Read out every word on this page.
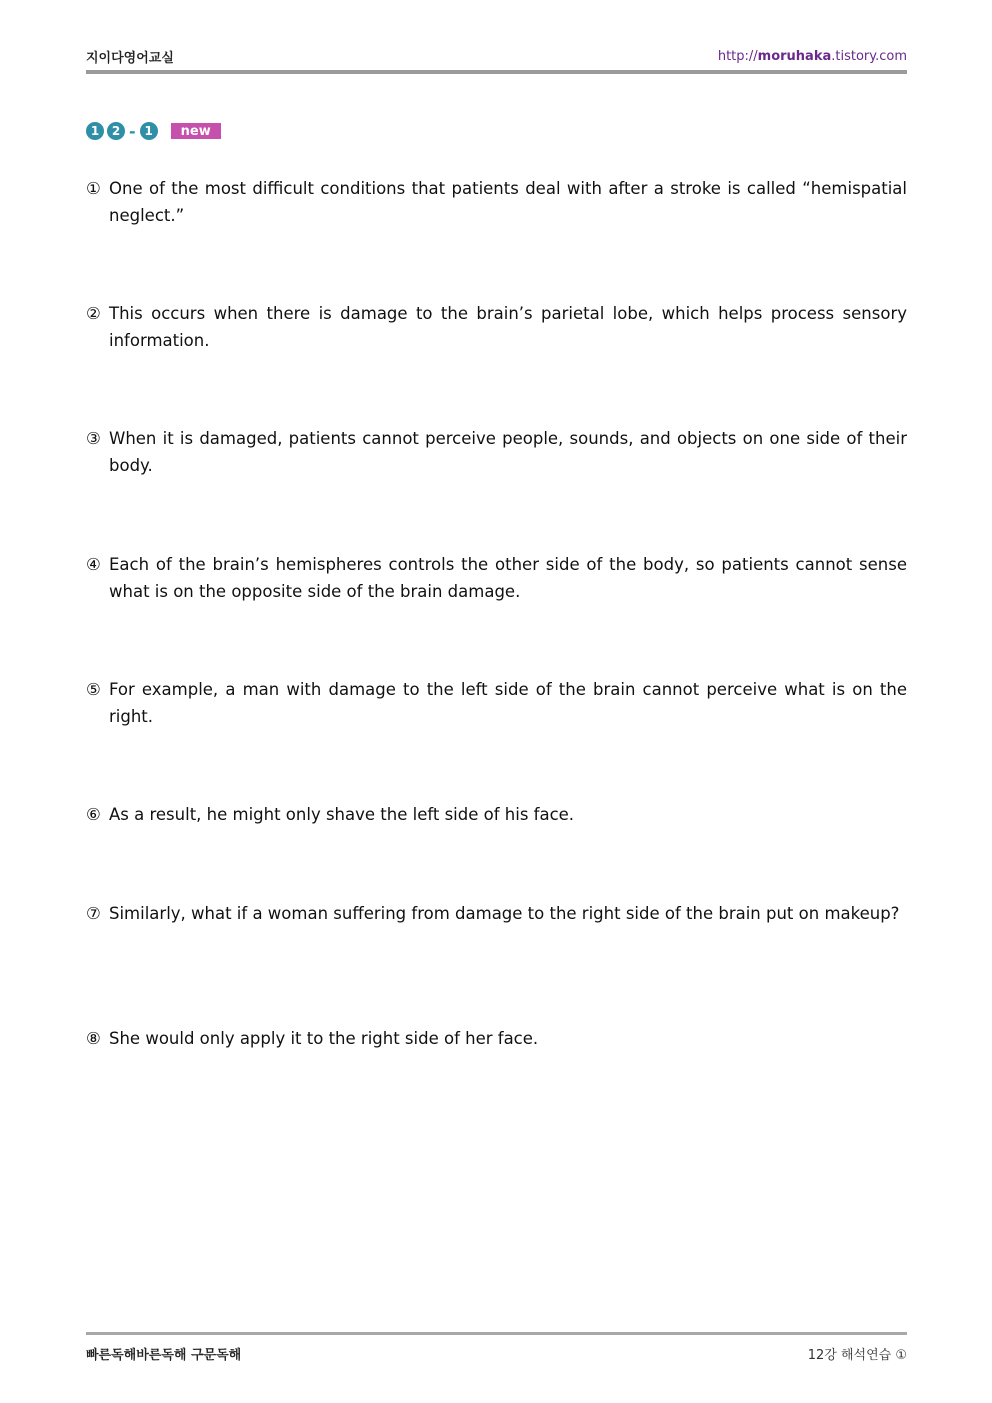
지이다영어교실	http://moruhaka.tistory.com
1	2 - 1	new
① One of the most difficult conditions that patients deal with after a stroke is called “hemispatial neglect.”
② This occurs when there is damage to the brain’s parietal lobe, which helps process sensory information.
③ When it is damaged, patients cannot perceive people, sounds, and objects on one side of their body.
④ Each of the brain’s hemispheres controls the other side of the body, so patients cannot sense what is on the opposite side of the brain damage.
⑤ For example, a man with damage to the left side of the brain cannot perceive what is on the right.
⑥ As a result, he might only shave the left side of his face.
⑦ Similarly, what if a woman suffering from damage to the right side of the brain put on makeup?
⑧ She would only apply it to the right side of her face.
빠른독해바른독해 구문독해	12강 해석연습 ①
